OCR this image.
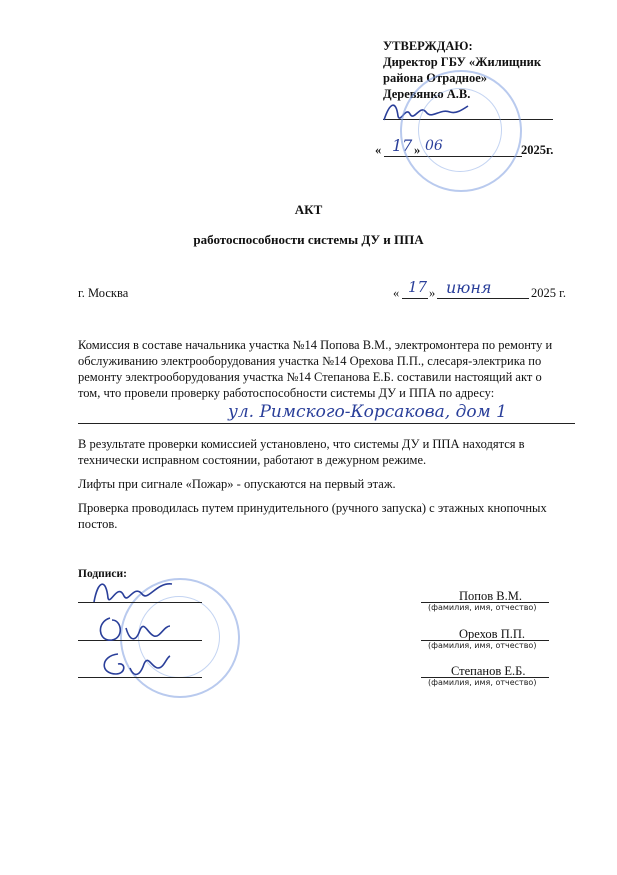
УТВЕРЖДАЮ:
Директор ГБУ «Жилищник
района Отрадное»
Деревянко А.В.
« 17 » 06	2025г.
АКТ
работоспособности системы ДУ и ППА
г. Москва	« 17 » июня	2025 г.
Комиссия в составе начальника участка №14 Попова В.М., электромонтера по ремонту и
обслуживанию электрооборудования участка №14 Орехова П.П., слесаря-электрика по
ремонту электрооборудования участка №14 Степанова Е.Б. составили настоящий акт о
том, что провели проверку работоспособности системы ДУ и ППА по адресу:
ул. Римского-Корсакова, дом 1
В результате проверки комиссией установлено, что системы ДУ и ППА находятся в
технически исправном состоянии, работают в дежурном режиме.
Лифты при сигнале «Пожар» - опускаются на первый этаж.
Проверка проводилась путем принудительного (ручного запуска) с этажных кнопочных
постов.
Подписи:
Попов В.М.
(фамилия, имя, отчество)
Орехов П.П.
(фамилия, имя, отчество)
Степанов Е.Б.
(фамилия, имя, отчество)
